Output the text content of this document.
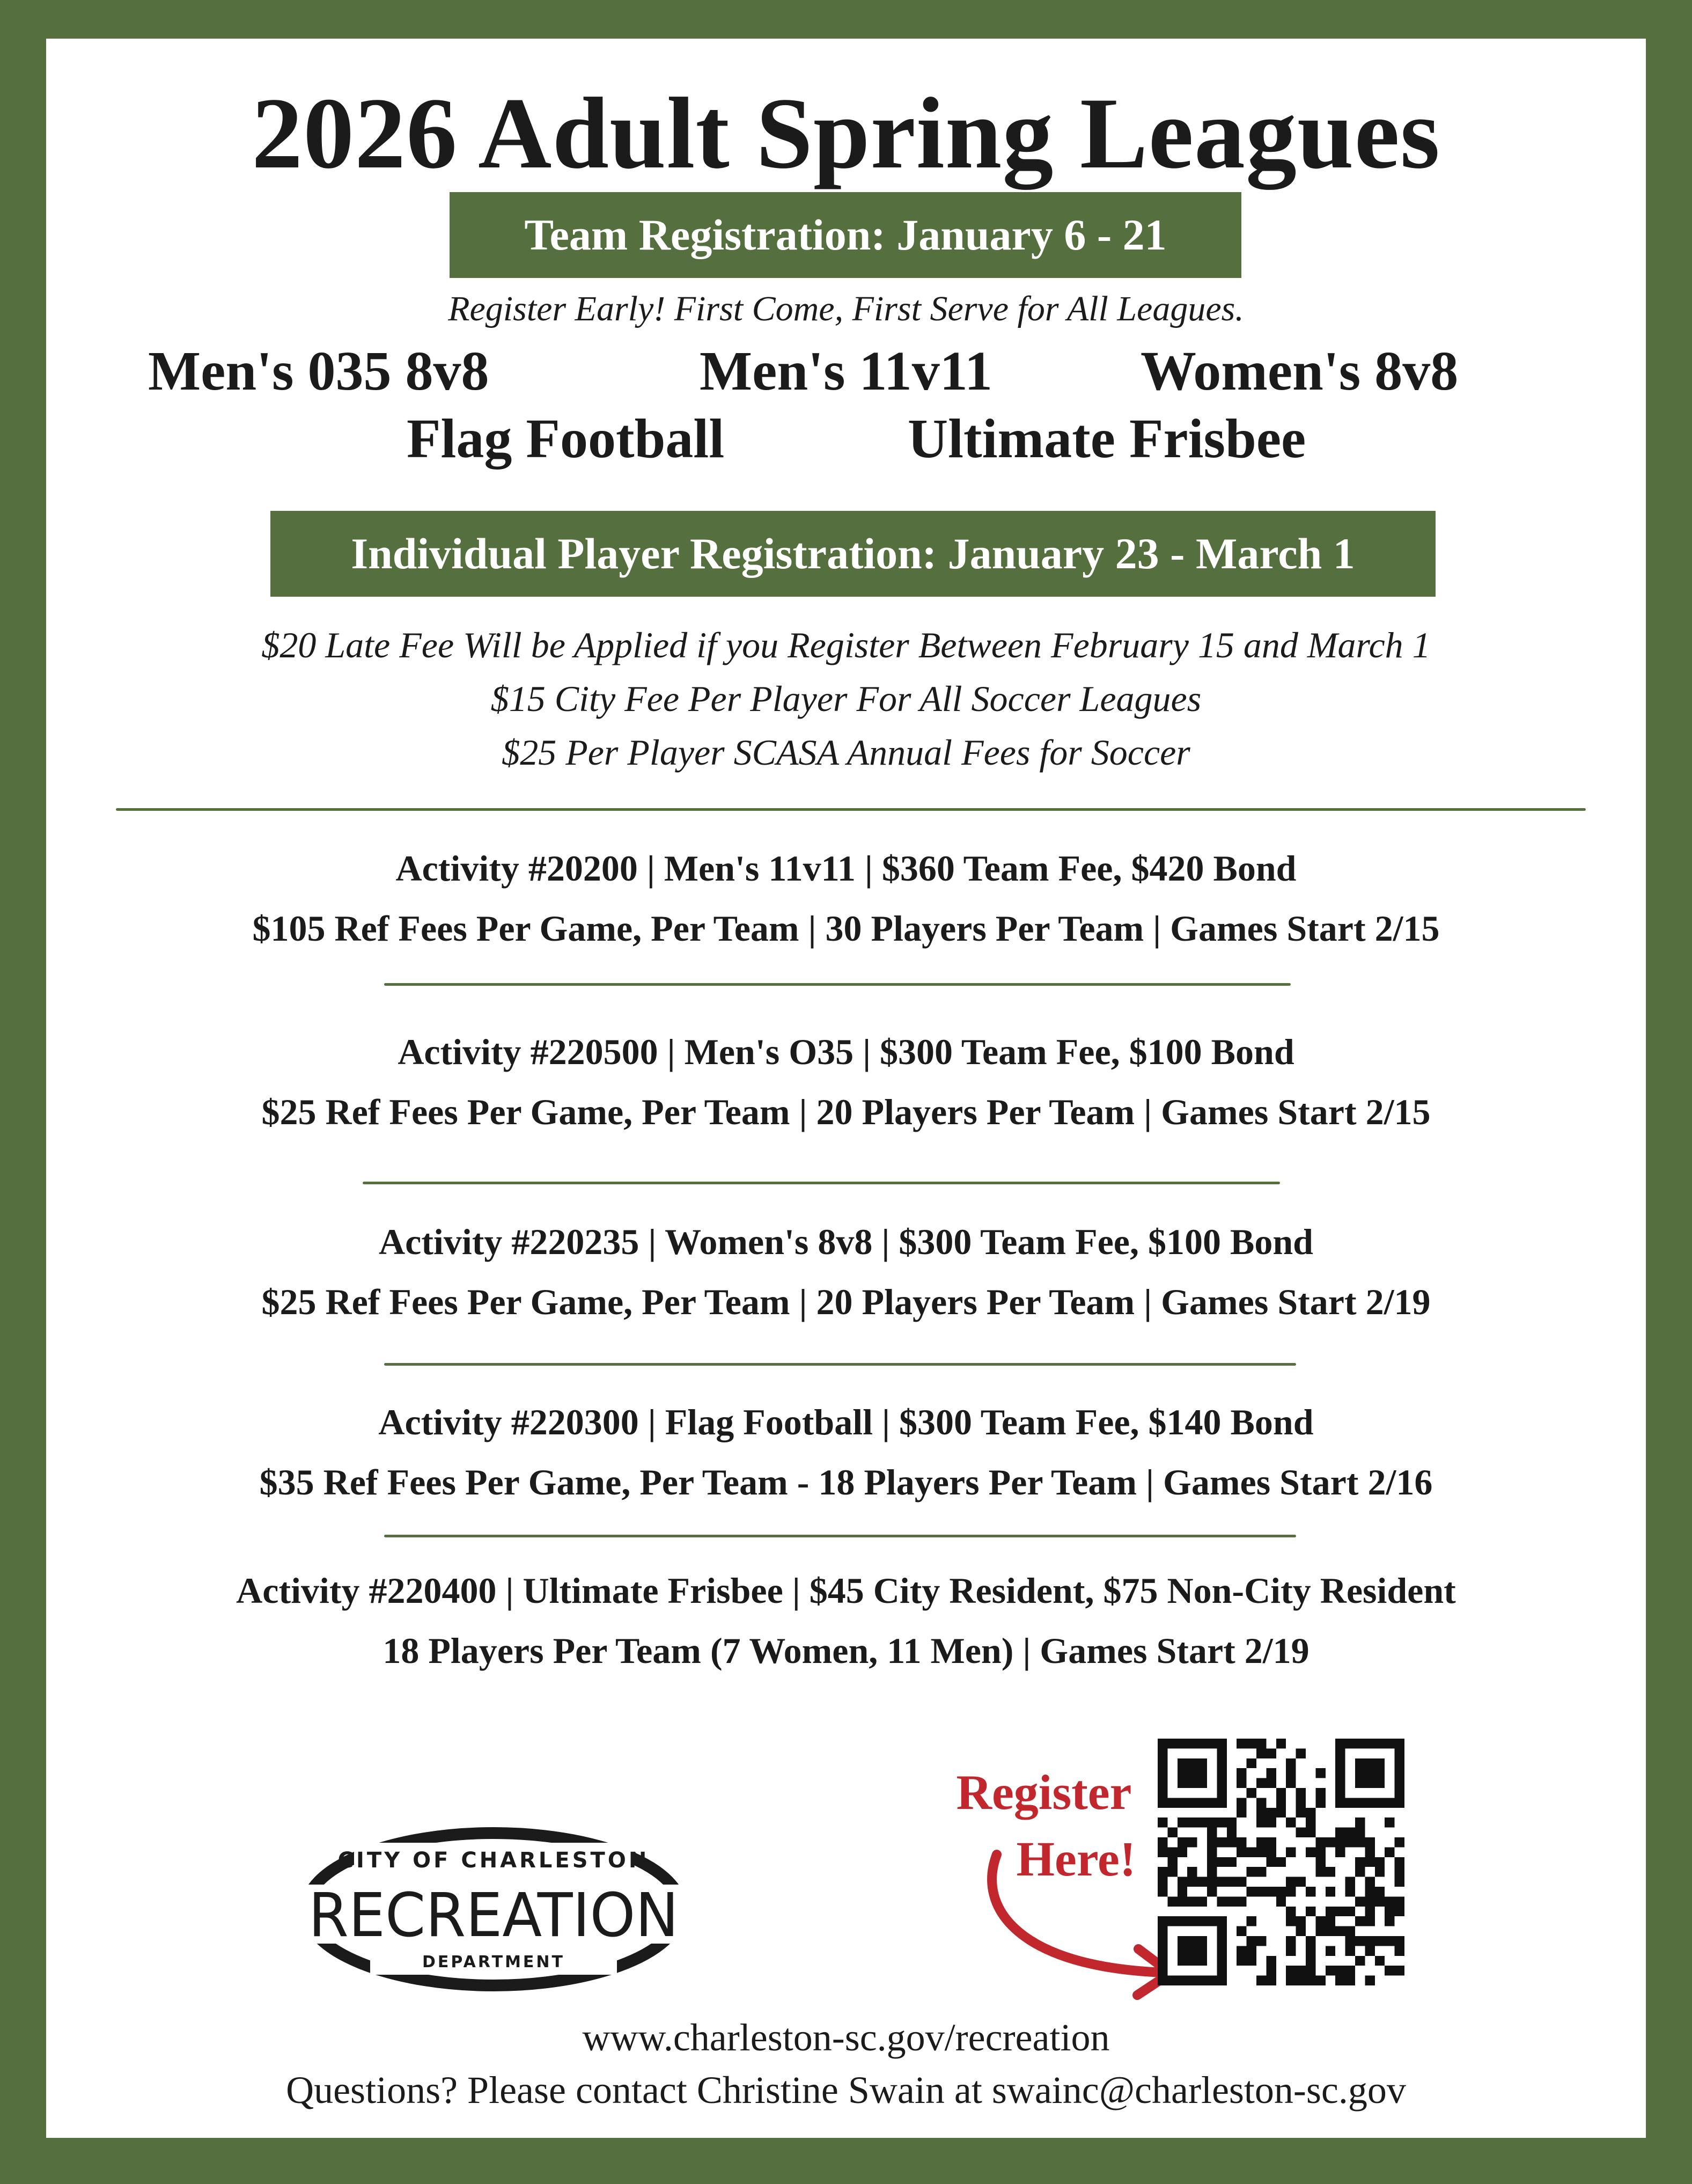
2026 Adult Spring Leagues
Team Registration: January 6 - 21
Register Early! First Come, First Serve for All Leagues.
Men's 035 8v8	Men's 11v11	Women's 8v8
Flag Football	Ultimate Frisbee
Individual Player Registration: January 23 - March 1
$20 Late Fee Will be Applied if you Register Between February 15 and March 1
$15 City Fee Per Player For All Soccer Leagues
$25 Per Player SCASA Annual Fees for Soccer
Activity #20200 | Men's 11v11 | $360 Team Fee, $420 Bond
$105 Ref Fees Per Game, Per Team | 30 Players Per Team | Games Start 2/15
Activity #220500 | Men's O35 | $300 Team Fee, $100 Bond
$25 Ref Fees Per Game, Per Team | 20 Players Per Team | Games Start 2/15
Activity #220235 | Women's 8v8 | $300 Team Fee, $100 Bond
$25 Ref Fees Per Game, Per Team | 20 Players Per Team | Games Start 2/19
Activity #220300 | Flag Football | $300 Team Fee, $140 Bond
$35 Ref Fees Per Game, Per Team - 18 Players Per Team | Games Start 2/16
Activity #220400 | Ultimate Frisbee | $45 City Resident, $75 Non-City Resident
18 Players Per Team (7 Women, 11 Men) | Games Start 2/19
CITY OF CHARLESTON
RECREATION
DEPARTMENT
Register
Here!
www.charleston-sc.gov/recreation
Questions? Please contact Christine Swain at swainc@charleston-sc.gov
